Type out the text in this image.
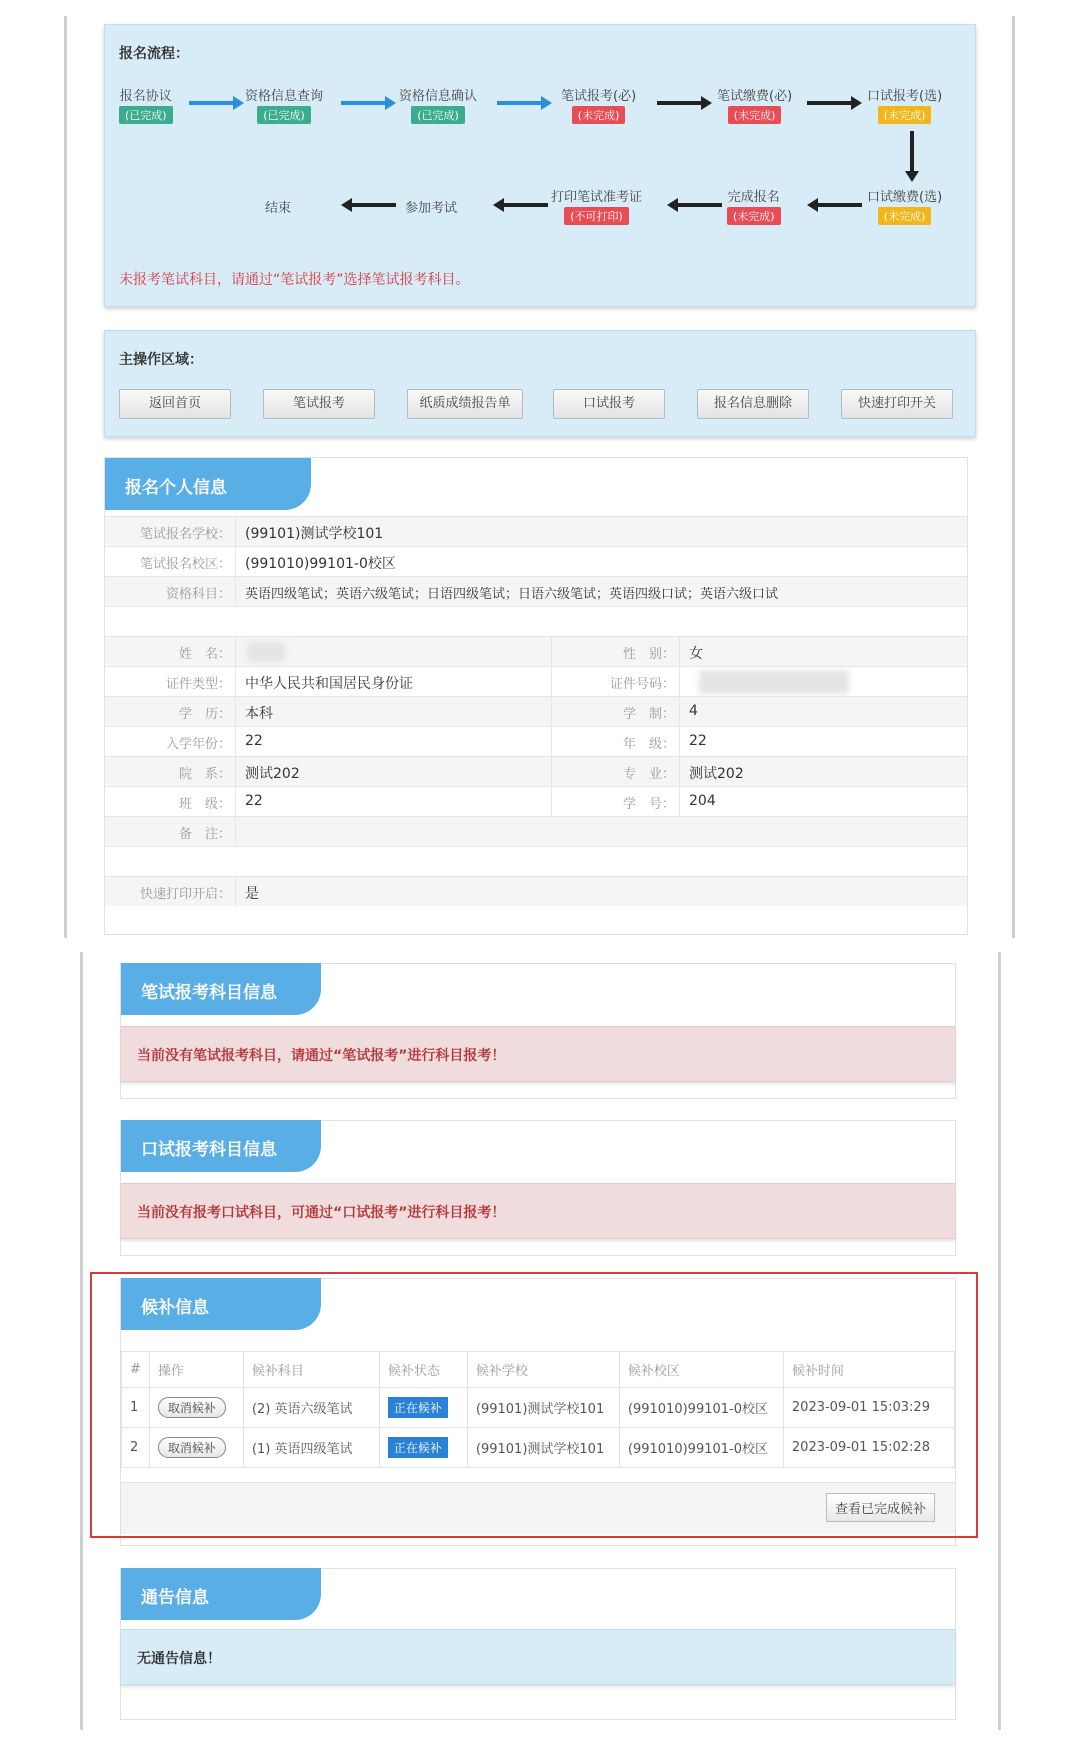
报名流程：
报名协议
(已完成)
资格信息查询
(已完成)
资格信息确认
(已完成)
笔试报考(必)
(未完成)
笔试缴费(必)
(未完成)
口试报考(选)
(未完成)
口试缴费(选)
(未完成)
完成报名
(未完成)
打印笔试准考证
(不可打印)
参加考试
结束
未报考笔试科目，请通过“笔试报考”选择笔试报考科目。
主操作区域：
返回首页	笔试报考	纸质成绩报告单	口试报考	报名信息删除	快速打印开关
报名个人信息
笔试报名学校： (99101)测试学校101
笔试报名校区： (991010)99101-0校区
资格科目： 英语四级笔试；英语六级笔试；日语四级笔试；日语六级笔试；英语四级口试；英语六级口试
姓　名：	性　别： 女
证件类型： 中华人民共和国居民身份证	证件号码：
学　历： 本科	学　制： 4
入学年份： 22	年　级： 22
院　系： 测试202	专　业： 测试202
班　级： 22	学　号： 204
备　注：
快速打印开启： 是
笔试报考科目信息
当前没有笔试报考科目，请通过“笔试报考”进行科目报考！
口试报考科目信息
当前没有报考口试科目，可通过“口试报考”进行科目报考！
候补信息
#	操作	候补科目	候补状态	候补学校	候补校区	候补时间
1	取消候补	(2) 英语六级笔试	正在候补	(99101)测试学校101	(991010)99101-0校区	2023-09-01 15:03:29
2	取消候补	(1) 英语四级笔试	正在候补	(99101)测试学校101	(991010)99101-0校区	2023-09-01 15:02:28
查看已完成候补
通告信息
无通告信息！
